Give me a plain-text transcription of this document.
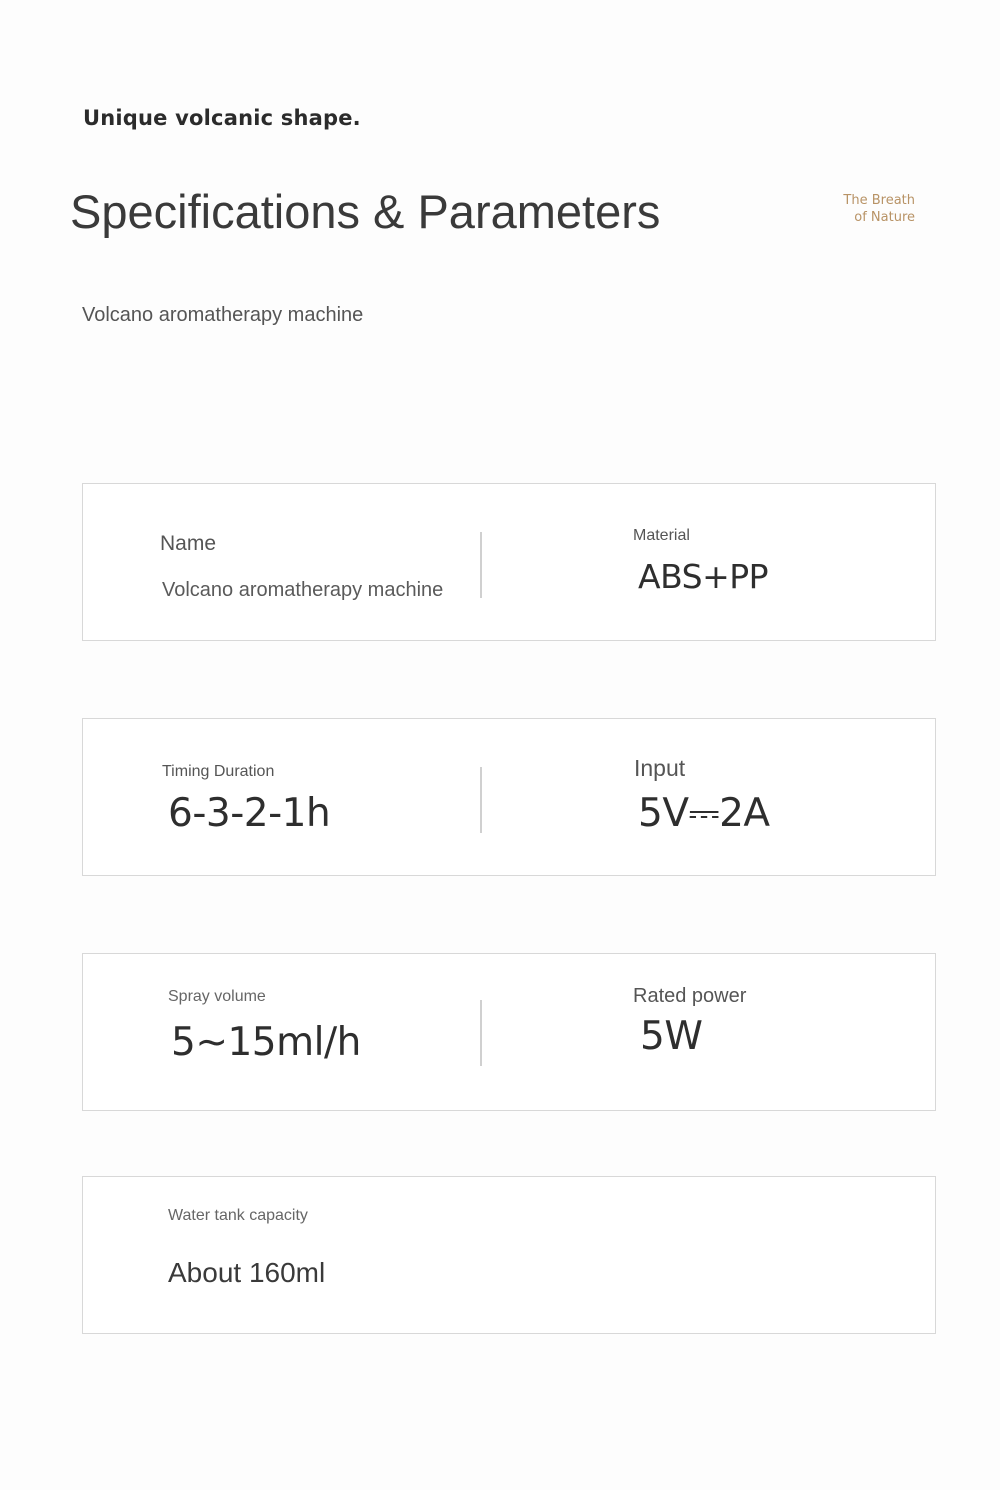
Unique volcanic shape.
Specifications & Parameters	The Breath
of Nature
Volcano aromatherapy machine
Name
Volcano aromatherapy machine
Material
ABS+PP
Timing Duration
6-3-2-1h
Input
5V⎓2A
Spray volume
5~15ml/h
Rated power
5W
Water tank capacity
About 160ml
